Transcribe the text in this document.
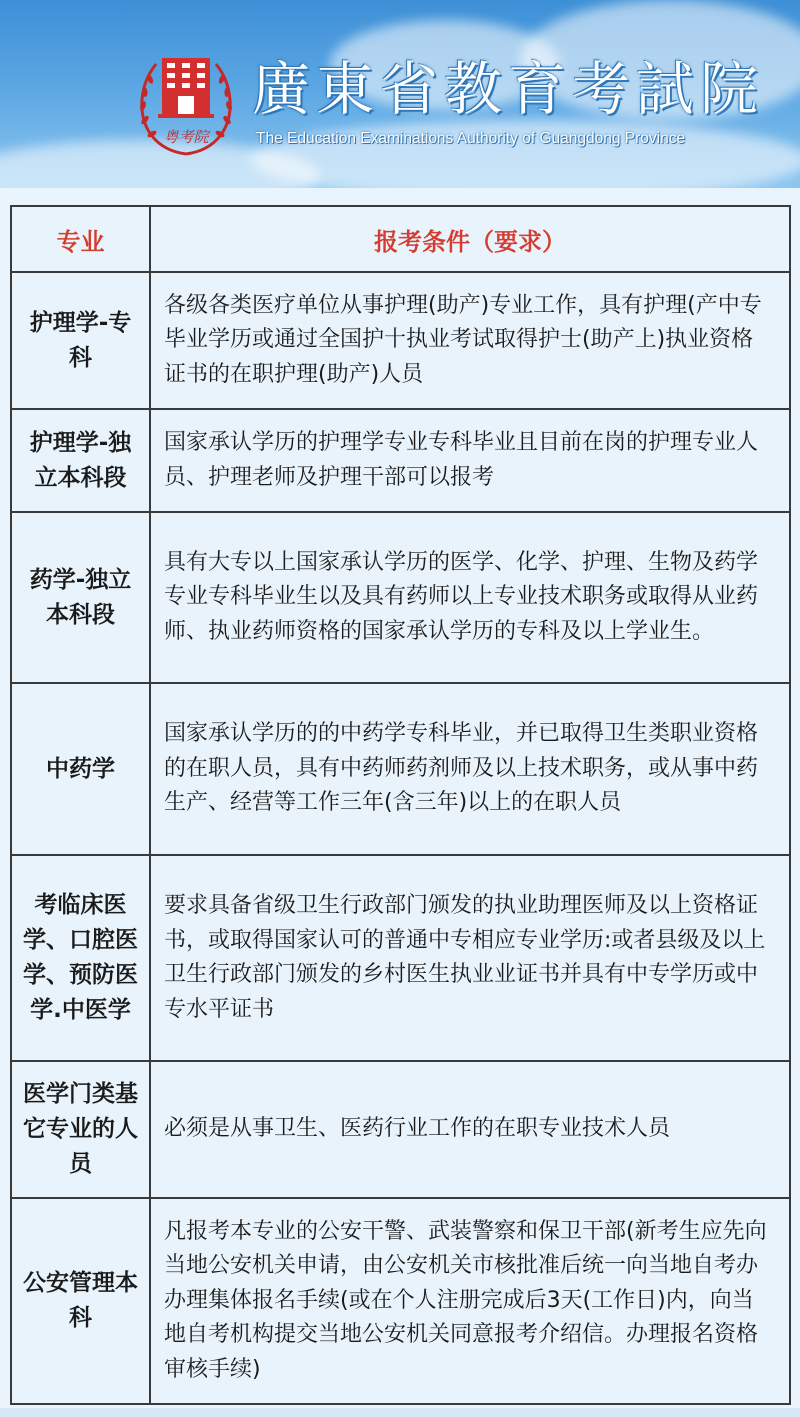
粤考院
廣東省教育考試院
The Education Examinations Authority of Guangdong Province
专业	报考条件（要求）
护理学-专科	各级各类医疗单位从事护理(助产)专业工作，具有护理(产中专毕业学历或通过全国护十执业考试取得护士(助产上)执业资格证书的在职护理(助产)人员
护理学-独立本科段	国家承认学历的护理学专业专科毕业且目前在岗的护理专业人员、护理老师及护理干部可以报考
药学-独立本科段	具有大专以上国家承认学历的医学、化学、护理、生物及药学专业专科毕业生以及具有药师以上专业技术职务或取得从业药师、执业药师资格的国家承认学历的专科及以上学业生。
中药学	国家承认学历的的中药学专科毕业，并已取得卫生类职业资格的在职人员，具有中药师药剂师及以上技术职务，或从事中药生产、经营等工作三年(含三年)以上的在职人员
考临床医学、口腔医学、预防医学.中医学	要求具备省级卫生行政部门颁发的执业助理医师及以上资格证书，或取得国家认可的普通中专相应专业学历:或者县级及以上卫生行政部门颁发的乡村医生执业业证书并具有中专学历或中专水平证书
医学门类基它专业的人员	必须是从事卫生、医药行业工作的在职专业技术人员
公安管理本科	凡报考本专业的公安干警、武装警察和保卫干部(新考生应先向当地公安机关申请，由公安机关市核批准后统一向当地自考办办理集体报名手续(或在个人注册完成后3天(工作日)内，向当地自考机构提交当地公安机关同意报考介绍信。办理报名资格审核手续)
